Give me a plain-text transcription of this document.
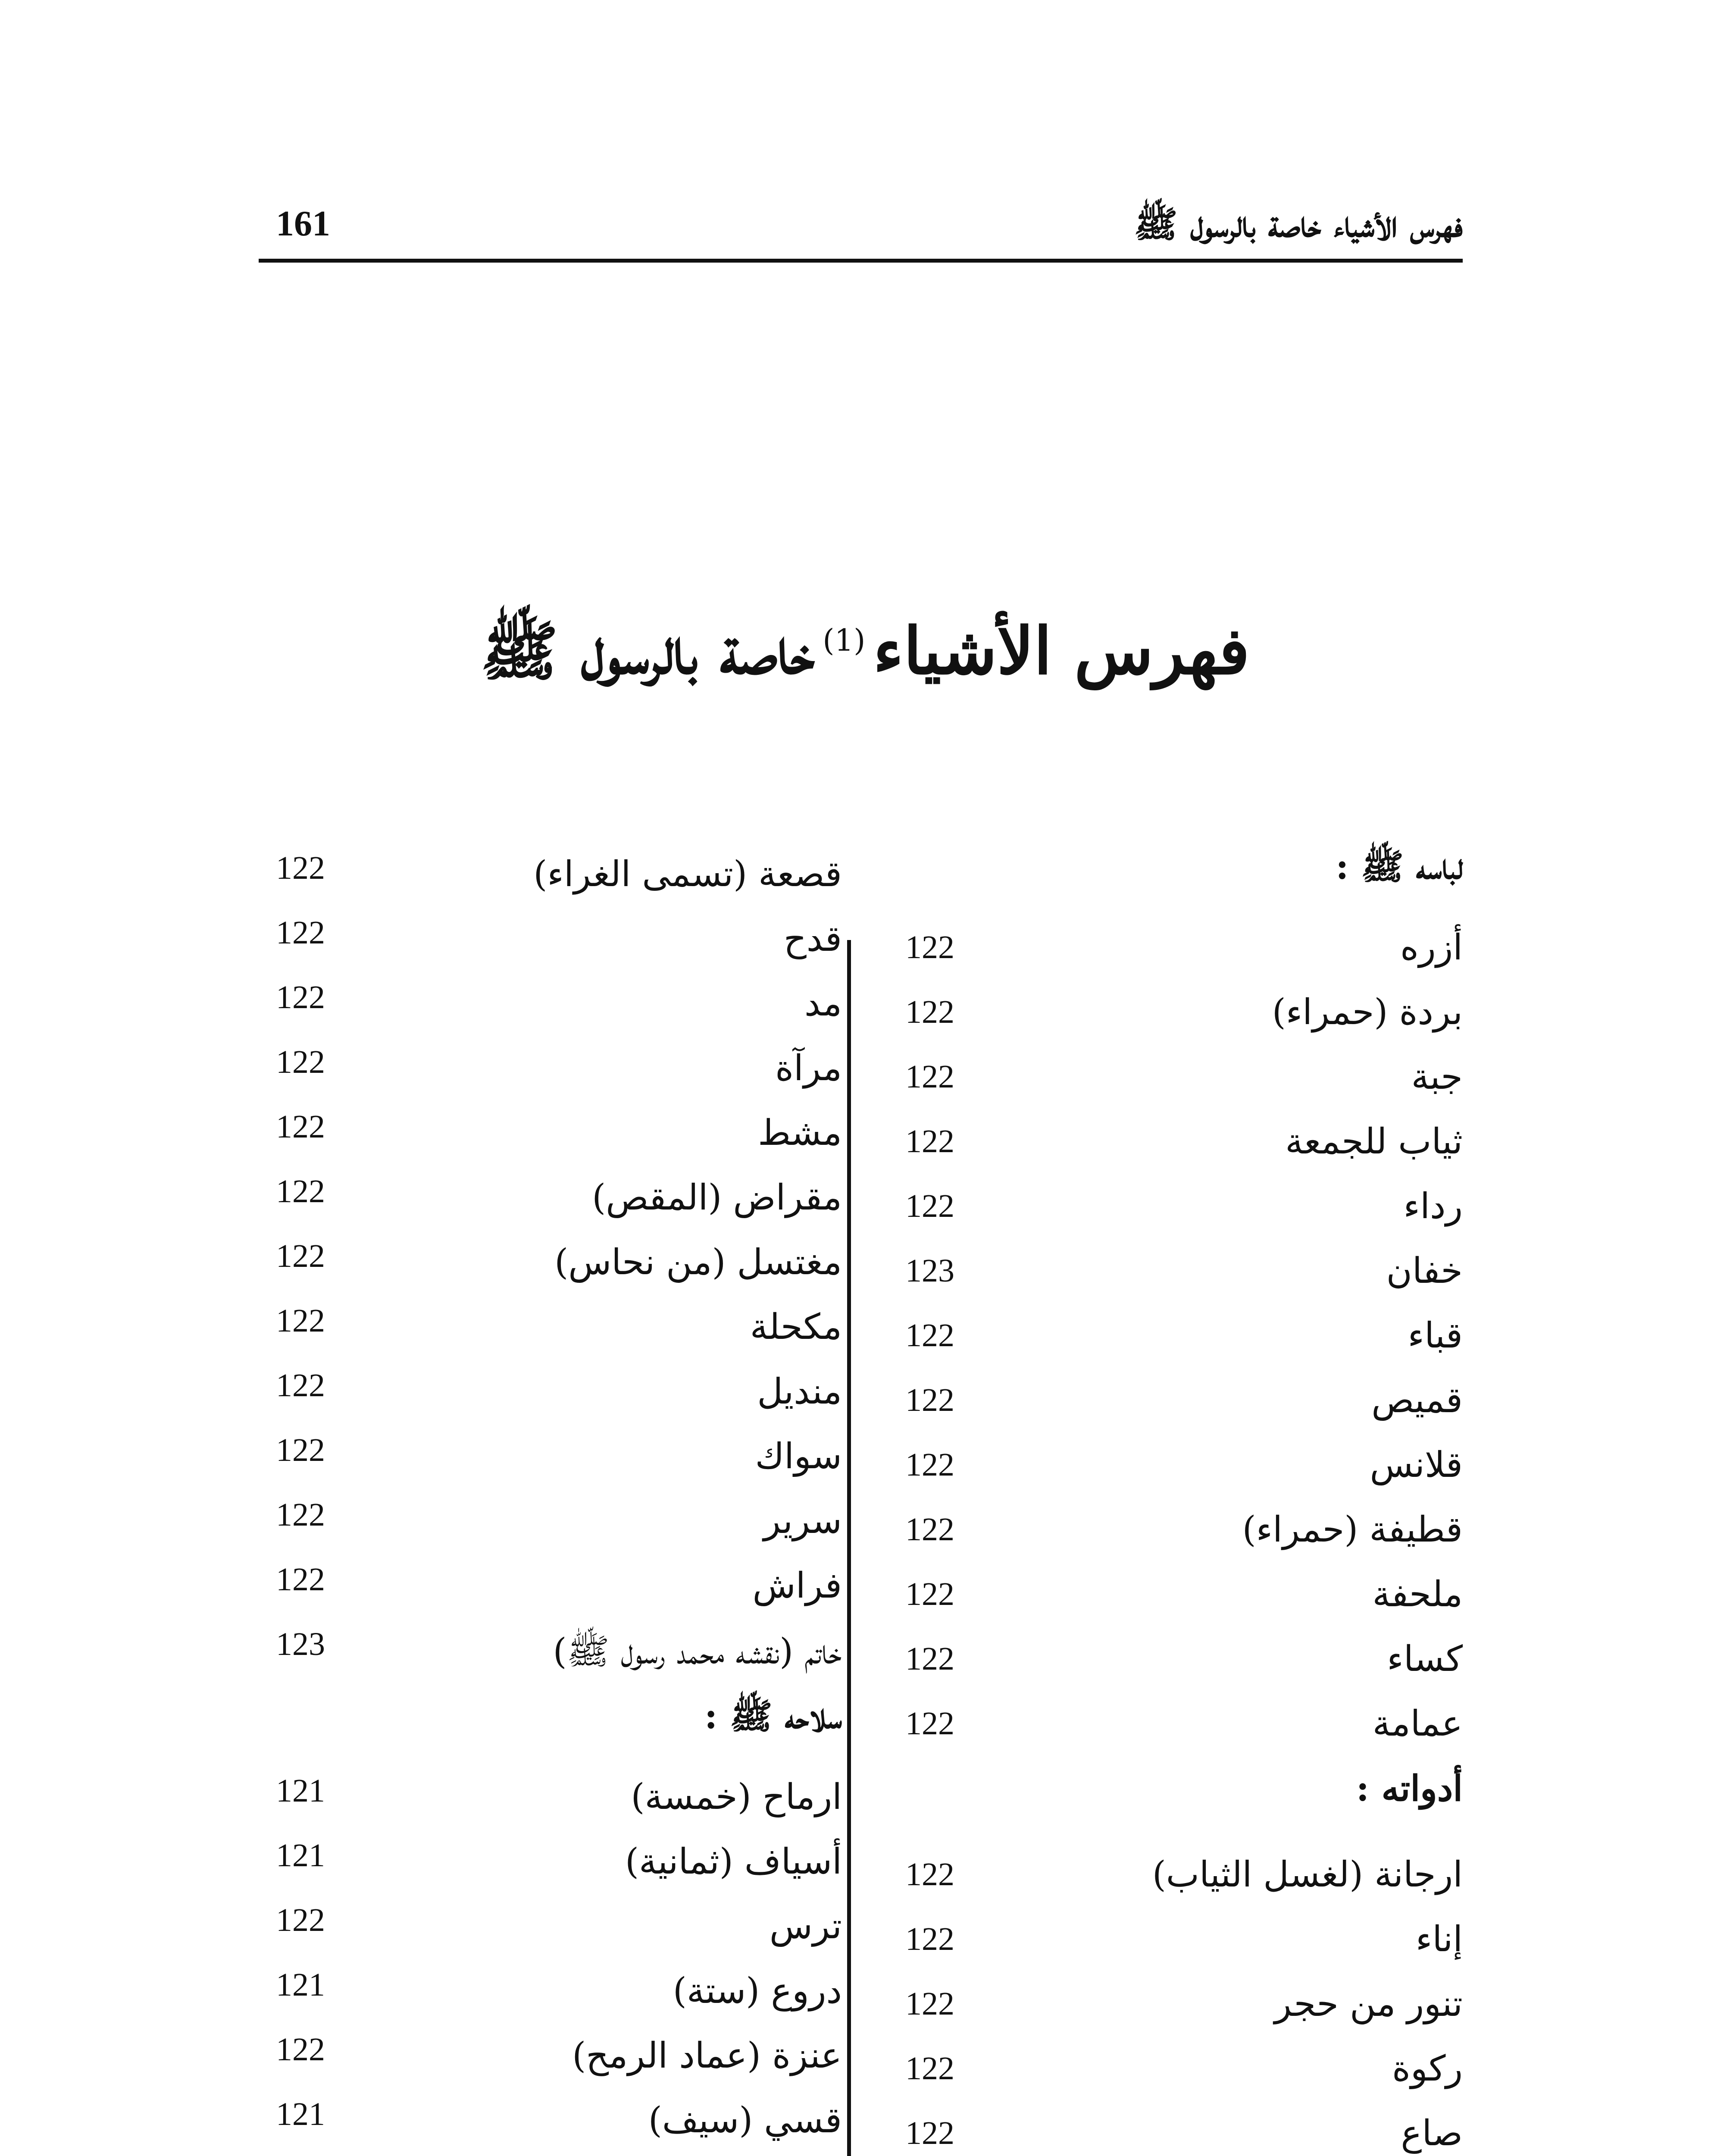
فهرس الأشياء خاصة بالرسول ﷺ
161
فهرس الأشياء$^{(1)}$خاصة بالرسول ﷺ
لباسه ﷺ :
أزره
122
بردة (حمراء)
122
جبة
122
ثياب للجمعة
122
رداء
122
خفان
123
قباء
122
قميص
122
قلانس
122
قطيفة (حمراء)
122
ملحفة
122
كساء
122
عمامة
122
أدواته :
ارجانة (لغسل الثياب)
122
إناء
122
تنور من حجر
122
ركوة
122
صاع
122
قصعة (تسمى الغراء)
122
قدح
122
مد
122
مرآة
122
مشط
122
مقراض (المقص)
122
مغتسل (من نحاس)
122
مكحلة
122
منديل
122
سواك
122
سرير
122
فراش
122
خاتم (نقشه محمد رسول ﷺ)
123
سلاحه ﷺ :
ارماح (خمسة)
121
أسياف (ثمانية)
121
ترس
122
دروع (ستة)
121
عنزة (عماد الرمح)
122
قسي (سيف)
121
